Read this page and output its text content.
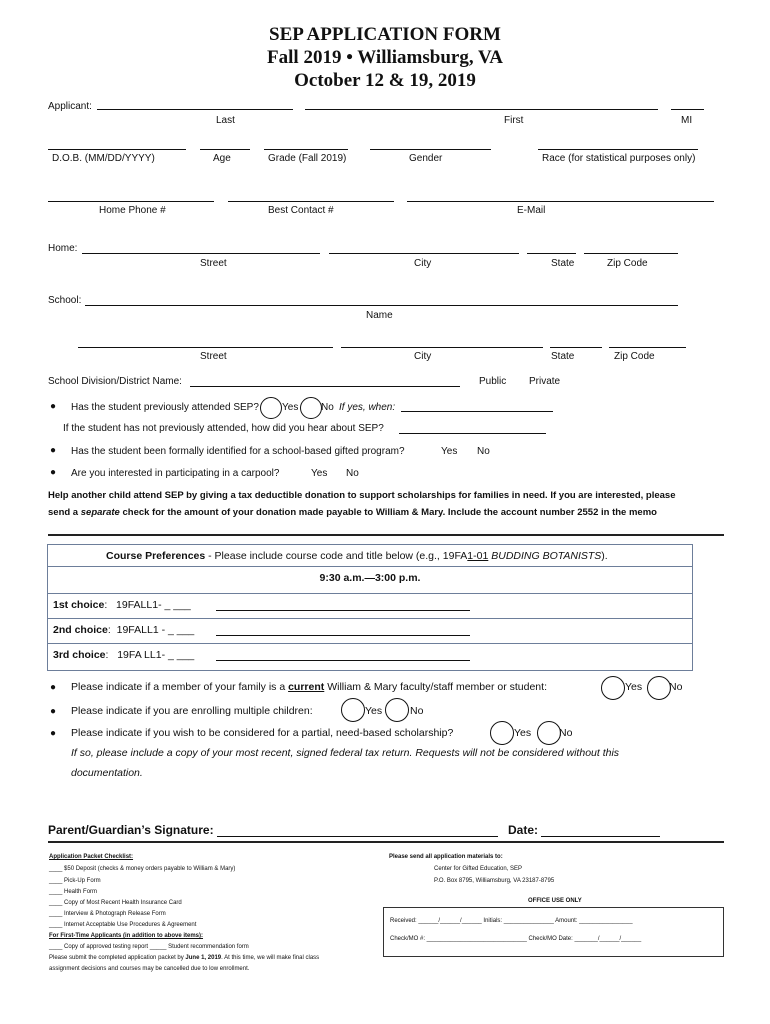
SEP APPLICATION FORM
Fall 2019 • Williamsburg, VA
October 12 & 19, 2019
Applicant:
Last	First	MI
D.O.B. (MM/DD/YYYY)	Age	Grade (Fall 2019)	Gender	Race (for statistical purposes only)
Home Phone #	Best Contact #	E-Mail
Home:
Street	City	State	Zip Code
School:
Name
Street	City	State	Zip Code
School Division/District Name:	Public Private
● Has the student previously attended SEP? Yes No If yes, when:
If the student has not previously attended, how did you hear about SEP?
● Has the student been formally identified for a school-based gifted program?	Yes No
● Are you interested in participating in a carpool?	Yes No
Help another child attend SEP by giving a tax deductible donation to support scholarships for families in need. If you are interested, please
send a separate check for the amount of your donation made payable to William & Mary. Include the account number 2552 in the memo
Course Preferences - Please include course code and title below (e.g., 19FA1-01 BUDDING BOTANISTS).
9:30 a.m.—3:00 p.m.
1st choice:   19FALL1- _ ___
2nd choice:  19FALL1 - _ ___
3rd choice:   19FA LL1- _ ___
● Please indicate if a member of your family is a current William & Mary faculty/staff member or student:	Yes	No
● Please indicate if you are enrolling multiple children:	Yes	No
● Please indicate if you wish to be considered for a partial, need-based scholarship?	Yes	No
If so, please include a copy of your most recent, signed federal tax return. Requests will not be considered without this
documentation.
Parent/Guardian’s Signature:	Date:
Application Packet Checklist:
____ $50 Deposit (checks & money orders payable to William & Mary)
____ Pick-Up Form
____ Health Form
____ Copy of Most Recent Health Insurance Card
____ Interview & Photograph Release Form
____ Internet Acceptable Use Procedures & Agreement
For First-Time Applicants (in addition to above items):
____ Copy of approved testing report _____ Student recommendation form
Please submit the completed application packet by June 1, 2019. At this time, we will make final class
assignment decisions and courses may be cancelled due to low enrollment.
Please send all application materials to:
Center for Gifted Education, SEP
P.O. Box 8795, Williamsburg, VA 23187-8795
OFFICE USE ONLY
Received: ______/______/______ Initials: _______________ Amount: ________________
Check/MO #: ______________________________ Check/MO Date: _______/______/______
